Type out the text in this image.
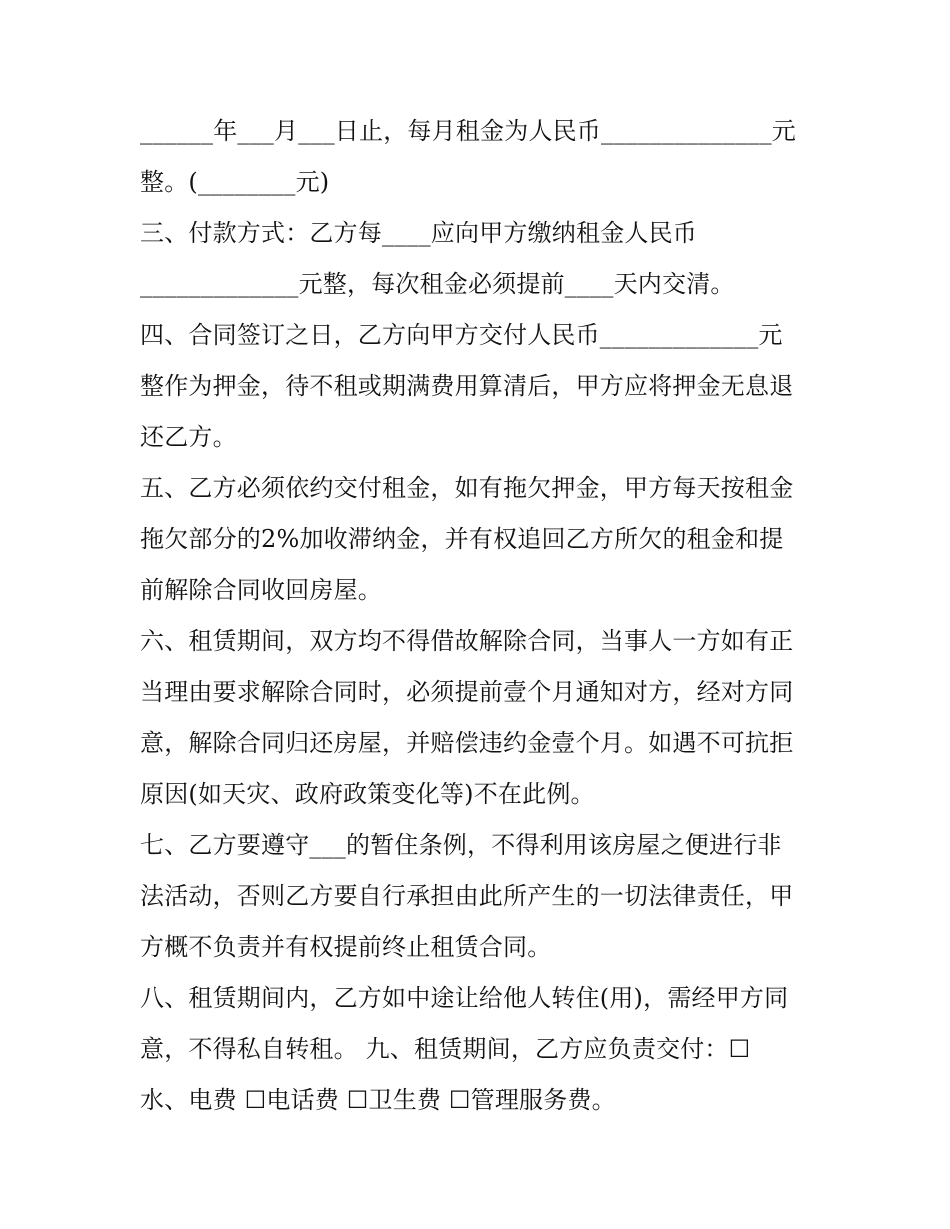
______年___月___日止，每月租金为人民币______________元
整。(________元)
三、付款方式：乙方每____应向甲方缴纳租金人民币
_____________元整，每次租金必须提前____天内交清。
四、合同签订之日，乙方向甲方交付人民币_____________元
整作为押金，待不租或期满费用算清后，甲方应将押金无息退
还乙方。
五、乙方必须依约交付租金，如有拖欠押金，甲方每天按租金
拖欠部分的2%加收滞纳金，并有权追回乙方所欠的租金和提
前解除合同收回房屋。
六、租赁期间，双方均不得借故解除合同，当事人一方如有正
当理由要求解除合同时，必须提前壹个月通知对方，经对方同
意，解除合同归还房屋，并赔偿违约金壹个月。如遇不可抗拒
原因(如天灾、政府政策变化等)不在此例。
七、乙方要遵守___的暂住条例，不得利用该房屋之便进行非
法活动，否则乙方要自行承担由此所产生的一切法律责任，甲
方概不负责并有权提前终止租赁合同。
八、租赁期间内，乙方如中途让给他人转住(用)，需经甲方同
意，不得私自转租。 九、租赁期间，乙方应负责交付：☐
水、电费 ☐电话费 ☐卫生费 ☐管理服务费。
